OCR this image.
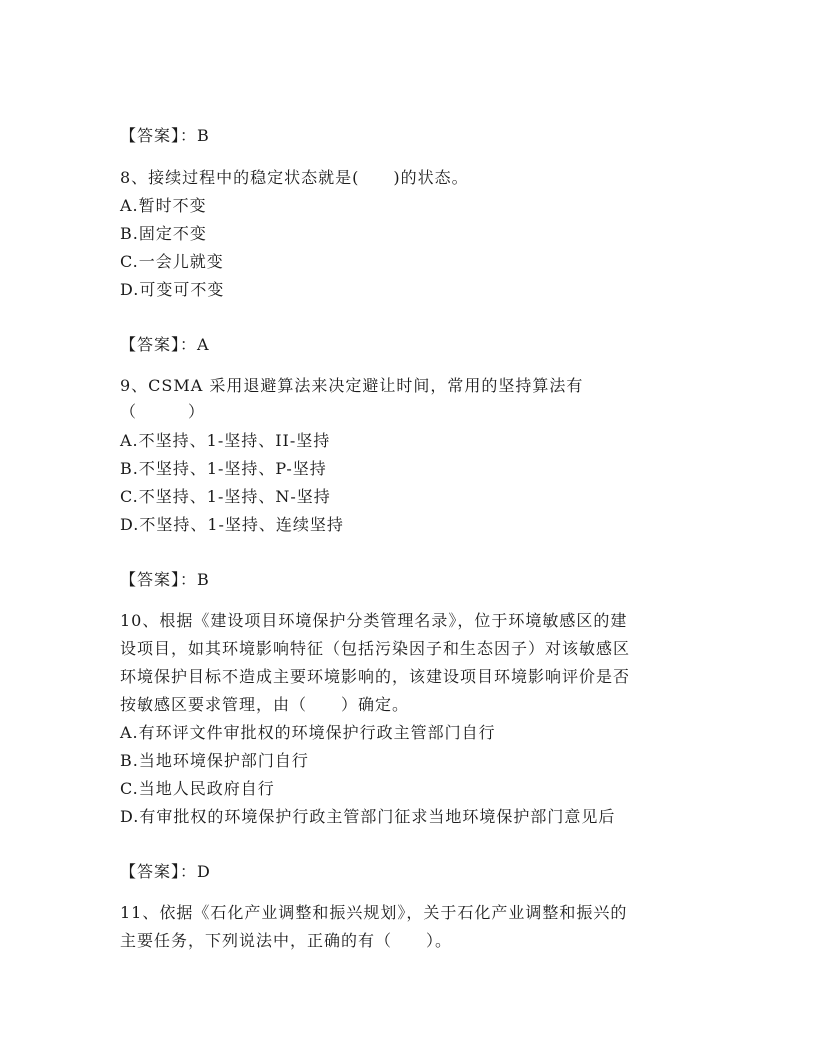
【答案】：B
8、接续过程中的稳定状态就是(　　)的状态。
A.暂时不变
B.固定不变
C.一会儿就变
D.可变可不变
【答案】：A
9、CSMA 采用退避算法来决定避让时间，常用的坚持算法有
（　　　）
A.不坚持、1-坚持、II-坚持
B.不坚持、1-坚持、P-坚持
C.不坚持、1-坚持、N-坚持
D.不坚持、1-坚持、连续坚持
【答案】：B
10、根据《建设项目环境保护分类管理名录》，位于环境敏感区的建
设项目，如其环境影响特征（包括污染因子和生态因子）对该敏感区
环境保护目标不造成主要环境影响的，该建设项目环境影响评价是否
按敏感区要求管理，由（　　）确定。
A.有环评文件审批权的环境保护行政主管部门自行
B.当地环境保护部门自行
C.当地人民政府自行
D.有审批权的环境保护行政主管部门征求当地环境保护部门意见后
【答案】：D
11、依据《石化产业调整和振兴规划》，关于石化产业调整和振兴的
主要任务，下列说法中，正确的有（　　）。
